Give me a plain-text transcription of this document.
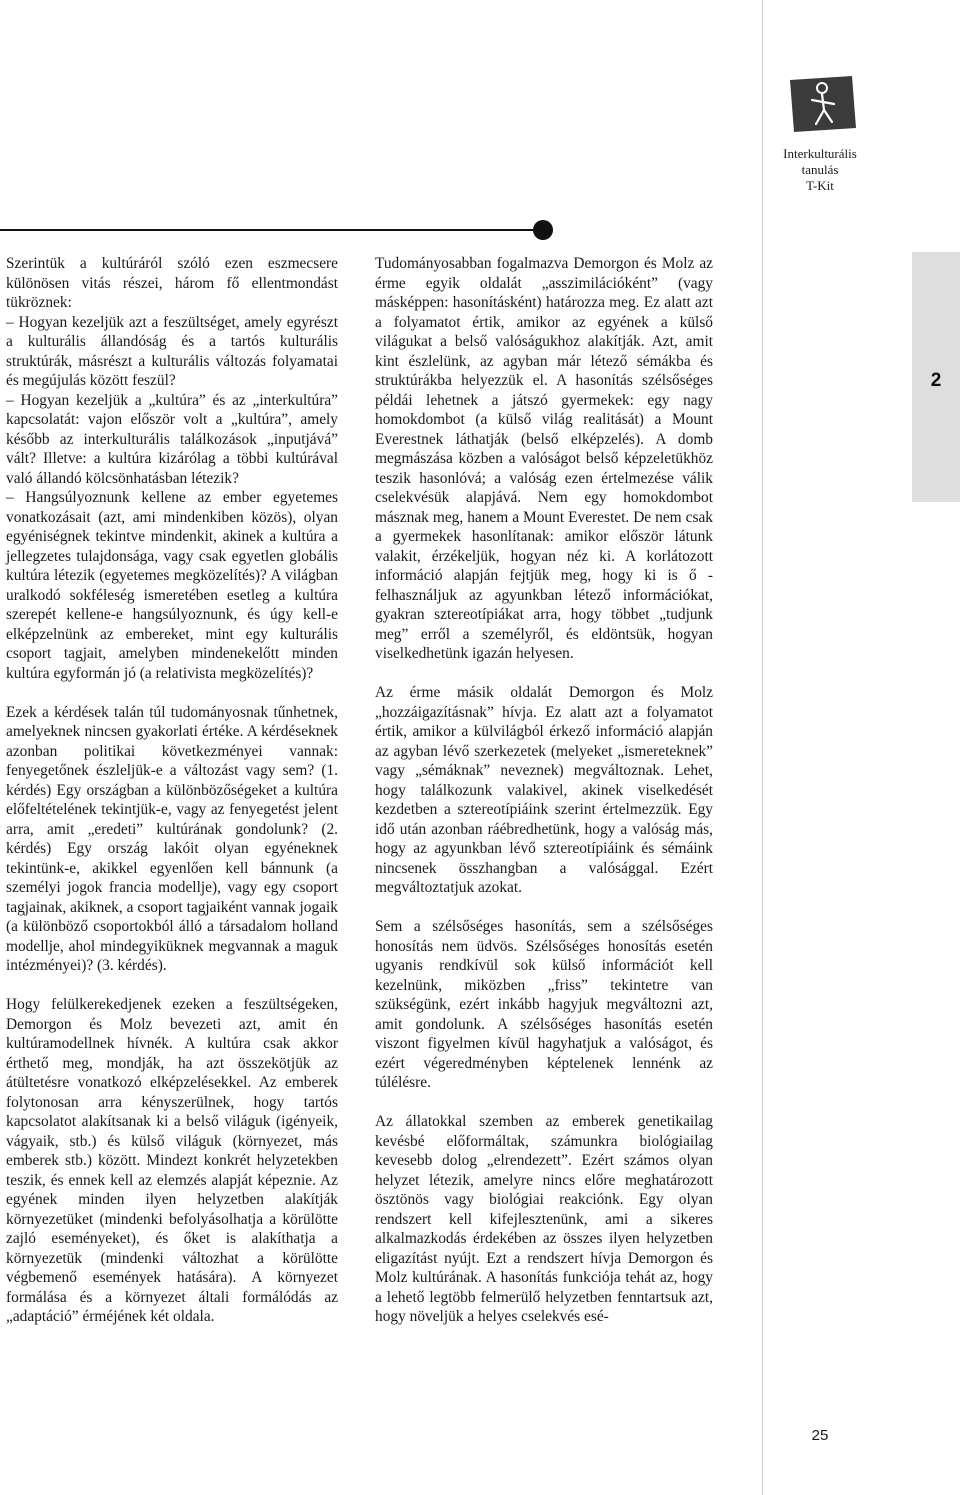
Interkulturális
tanulás
T-Kit
2

Szerintük a kultúráról szóló ezen eszmecsere különösen vitás részei, három fő ellentmondást tükröznek:

– Hogyan kezeljük azt a feszültséget, amely egyrészt a kulturális állandóság és a tartós kulturális struktúrák, másrészt a kulturális változás folyamatai és megújulás között feszül?

– Hogyan kezeljük a „kultúra” és az „interkultúra” kapcsolatát: vajon először volt a „kultúra”, amely később az interkulturális találkozások „inputjává” vált? Illetve: a kultúra kizárólag a többi kultúrával való állandó kölcsönhatásban létezik?

– Hangsúlyoznunk kellene az ember egyetemes vonatkozásait (azt, ami mindenkiben közös), olyan egyéniségnek tekintve mindenkit, akinek a kultúra a jellegzetes tulajdonsága, vagy csak egyetlen globális kultúra létezik (egyetemes megközelítés)? A világban uralkodó sokféleség ismeretében esetleg a kultúra szerepét kellene-e hangsúlyoznunk, és úgy kell-e elképzelnünk az embereket, mint egy kulturális csoport tagjait, amelyben mindenekelőtt minden kultúra egyformán jó (a relativista megközelítés)?

Ezek a kérdések talán túl tudományosnak tűnhetnek, amelyeknek nincsen gyakorlati értéke. A kérdéseknek azonban politikai következményei vannak: fenyegetőnek észleljük-e a változást vagy sem? (1. kérdés) Egy országban a különbözőségeket a kultúra előfeltételének tekintjük-e, vagy az fenyegetést jelent arra, amit „eredeti” kultúrának gondolunk? (2. kérdés) Egy ország lakóit olyan egyéneknek tekintünk-e, akikkel egyenlően kell bánnunk (a személyi jogok francia modellje), vagy egy csoport tagjainak, akiknek, a csoport tagjaiként vannak jogaik (a különböző csoportokból álló a társadalom holland modellje, ahol mindegyiküknek megvannak a maguk intézményei)? (3. kérdés).

Hogy felülkerekedjenek ezeken a feszültségeken, Demorgon és Molz bevezeti azt, amit én kultúramodellnek hívnék. A kultúra csak akkor érthető meg, mondják, ha azt összekötjük az átültetésre vonatkozó elképzelésekkel. Az emberek folytonosan arra kényszerülnek, hogy tartós kapcsolatot alakítsanak ki a belső világuk (igényeik, vágyaik, stb.) és külső világuk (környezet, más emberek stb.) között. Mindezt konkrét helyzetekben teszik, és ennek kell az elemzés alapját képeznie. Az egyének minden ilyen helyzetben alakítják környezetüket (mindenki befolyásolhatja a körülötte zajló eseményeket), és őket is alakíthatja a környezetük (mindenki változhat a körülötte végbemenő események hatására). A környezet formálása és a környezet általi formálódás az „adaptáció” érméjének két oldala.

Tudományosabban fogalmazva Demorgon és Molz az érme egyik oldalát „asszimilációként” (vagy másképpen: hasonításként) határozza meg. Ez alatt azt a folyamatot értik, amikor az egyének a külső világukat a belső valóságukhoz alakítják. Azt, amit kint észlelünk, az agyban már létező sémákba és struktúrákba helyezzük el. A hasonítás szélsőséges példái lehetnek a játszó gyermekek: egy nagy homokdombot (a külső világ realitását) a Mount Everestnek láthatják (belső elképzelés). A domb megmászása közben a valóságot belső képzeletükhöz teszik hasonlóvá; a valóság ezen értelmezése válik cselekvésük alapjává. Nem egy homokdombot másznak meg, hanem a Mount Everestet. De nem csak a gyermekek hasonlítanak: amikor először látunk valakit, érzékeljük, hogyan néz ki. A korlátozott információ alapján fejtjük meg, hogy ki is ő - felhasználjuk az agyunkban létező információkat, gyakran sztereotípiákat arra, hogy többet „tudjunk meg” erről a személyről, és eldöntsük, hogyan viselkedhetünk igazán helyesen.

Az érme másik oldalát Demorgon és Molz „hozzáigazításnak” hívja. Ez alatt azt a folyamatot értik, amikor a külvilágból érkező információ alapján az agyban lévő szerkezetek (melyeket „ismereteknek” vagy „sémáknak” neveznek) megváltoznak. Lehet, hogy találkozunk valakivel, akinek viselkedését kezdetben a sztereotípiáink szerint értelmezzük. Egy idő után azonban ráébredhetünk, hogy a valóság más, hogy az agyunkban lévő sztereotípiáink és sémáink nincsenek összhangban a valósággal. Ezért megváltoztatjuk azokat.

Sem a szélsőséges hasonítás, sem a szélsőséges honosítás nem üdvös. Szélsőséges honosítás esetén ugyanis rendkívül sok külső információt kell kezelnünk, miközben „friss” tekintetre van szükségünk, ezért inkább hagyjuk megváltozni azt, amit gondolunk. A szélsőséges hasonítás esetén viszont figyelmen kívül hagyhatjuk a valóságot, és ezért végeredményben képtelenek lennénk az túlélésre.

Az állatokkal szemben az emberek genetikailag kevésbé előformáltak, számunkra biológiailag kevesebb dolog „elrendezett”. Ezért számos olyan helyzet létezik, amelyre nincs előre meghatározott ösztönös vagy biológiai reakciónk. Egy olyan rendszert kell kifejlesztenünk, ami a sikeres alkalmazkodás érdekében az összes ilyen helyzetben eligazítást nyújt. Ezt a rendszert hívja Demorgon és Molz kultúrának. A hasonítás funkciója tehát az, hogy a lehető legtöbb felmerülő helyzetben fenntartsuk azt, hogy növeljük a helyes cselekvés esé-

25
